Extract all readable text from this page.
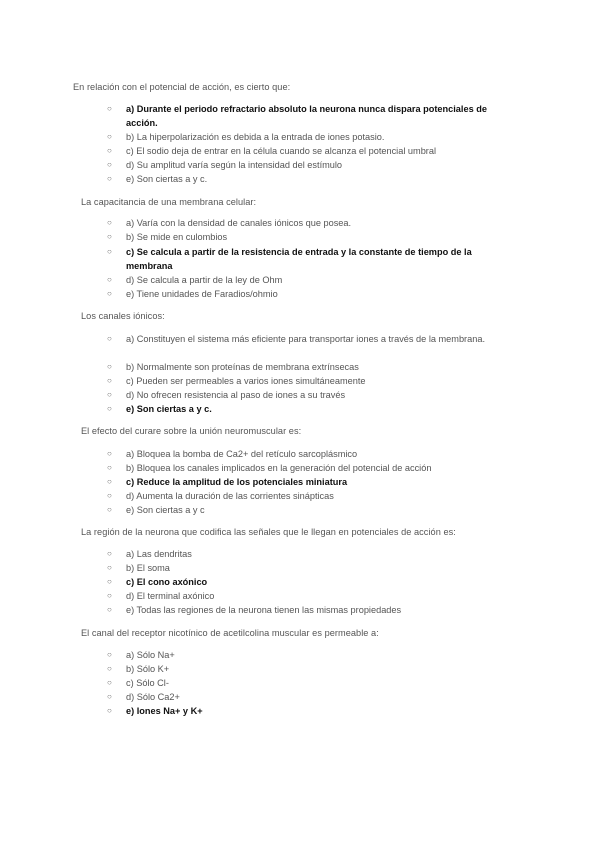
En relación con el potencial de acción, es cierto que:
○ a) Durante el periodo refractario absoluto la neurona nunca dispara potenciales de acción.
○ b) La hiperpolarización es debida a la entrada de iones potasio.
○ c) El sodio deja de entrar en la célula cuando se alcanza el potencial umbral
○ d) Su amplitud varía según la intensidad del estímulo
○ e) Son ciertas a y c.
La capacitancia de una membrana celular:
○ a) Varía con la densidad de canales iónicos que posea.
○ b) Se mide en culombios
○ c) Se calcula a partir de la resistencia de entrada y la constante de tiempo de la membrana
○ d) Se calcula a partir de la ley de Ohm
○ e) Tiene unidades de Faradios/ohmio
Los canales iónicos:
○ a) Constituyen el sistema más eficiente para transportar iones a través de la membrana.
○ b) Normalmente son proteínas de membrana extrínsecas
○ c) Pueden ser permeables a varios iones simultáneamente
○ d) No ofrecen resistencia al paso de iones a su través
○ e) Son ciertas a y c.
El efecto del curare sobre la unión neuromuscular es:
○ a) Bloquea la bomba de Ca2+ del retículo sarcoplásmico
○ b) Bloquea los canales implicados en la generación del potencial de acción
○ c) Reduce la amplitud de los potenciales miniatura
○ d) Aumenta la duración de las corrientes sinápticas
○ e) Son ciertas a y c
La región de la neurona que codifica las señales que le llegan en potenciales de acción es:
○ a) Las dendritas
○ b) El soma
○ c) El cono axónico
○ d) El terminal axónico
○ e) Todas las regiones de la neurona tienen las mismas propiedades
El canal del receptor nicotínico de acetilcolina muscular es permeable a:
○ a) Sólo Na+
○ b) Sólo K+
○ c) Sólo Cl-
○ d) Sólo Ca2+
○ e) Iones Na+ y K+
